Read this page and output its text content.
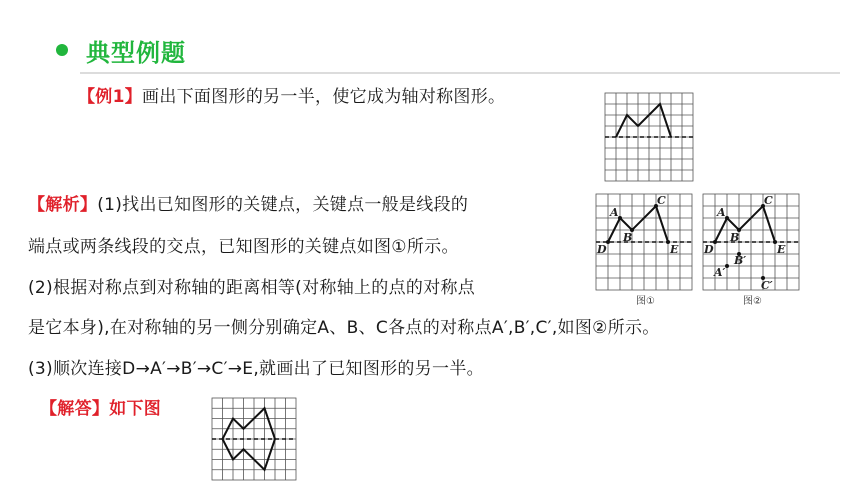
典型例题
【例1】画出下面图形的另一半，使它成为轴对称图形。
【解析】(1)找出已知图形的关键点，关键点一般是线段的
端点或两条线段的交点，已知图形的关键点如图①所示。
(2)根据对称点到对称轴的距离相等(对称轴上的点的对称点
是它本身),在对称轴的另一侧分别确定A、B、C各点的对称点A′,B′,C′,如图②所示。
(3)顺次连接D→A′→B′→C′→E,就画出了已知图形的另一半。
A
B
C
D	E
图①
A
B
C
D	E
A′
B′
C′
图②
【解答】如下图
